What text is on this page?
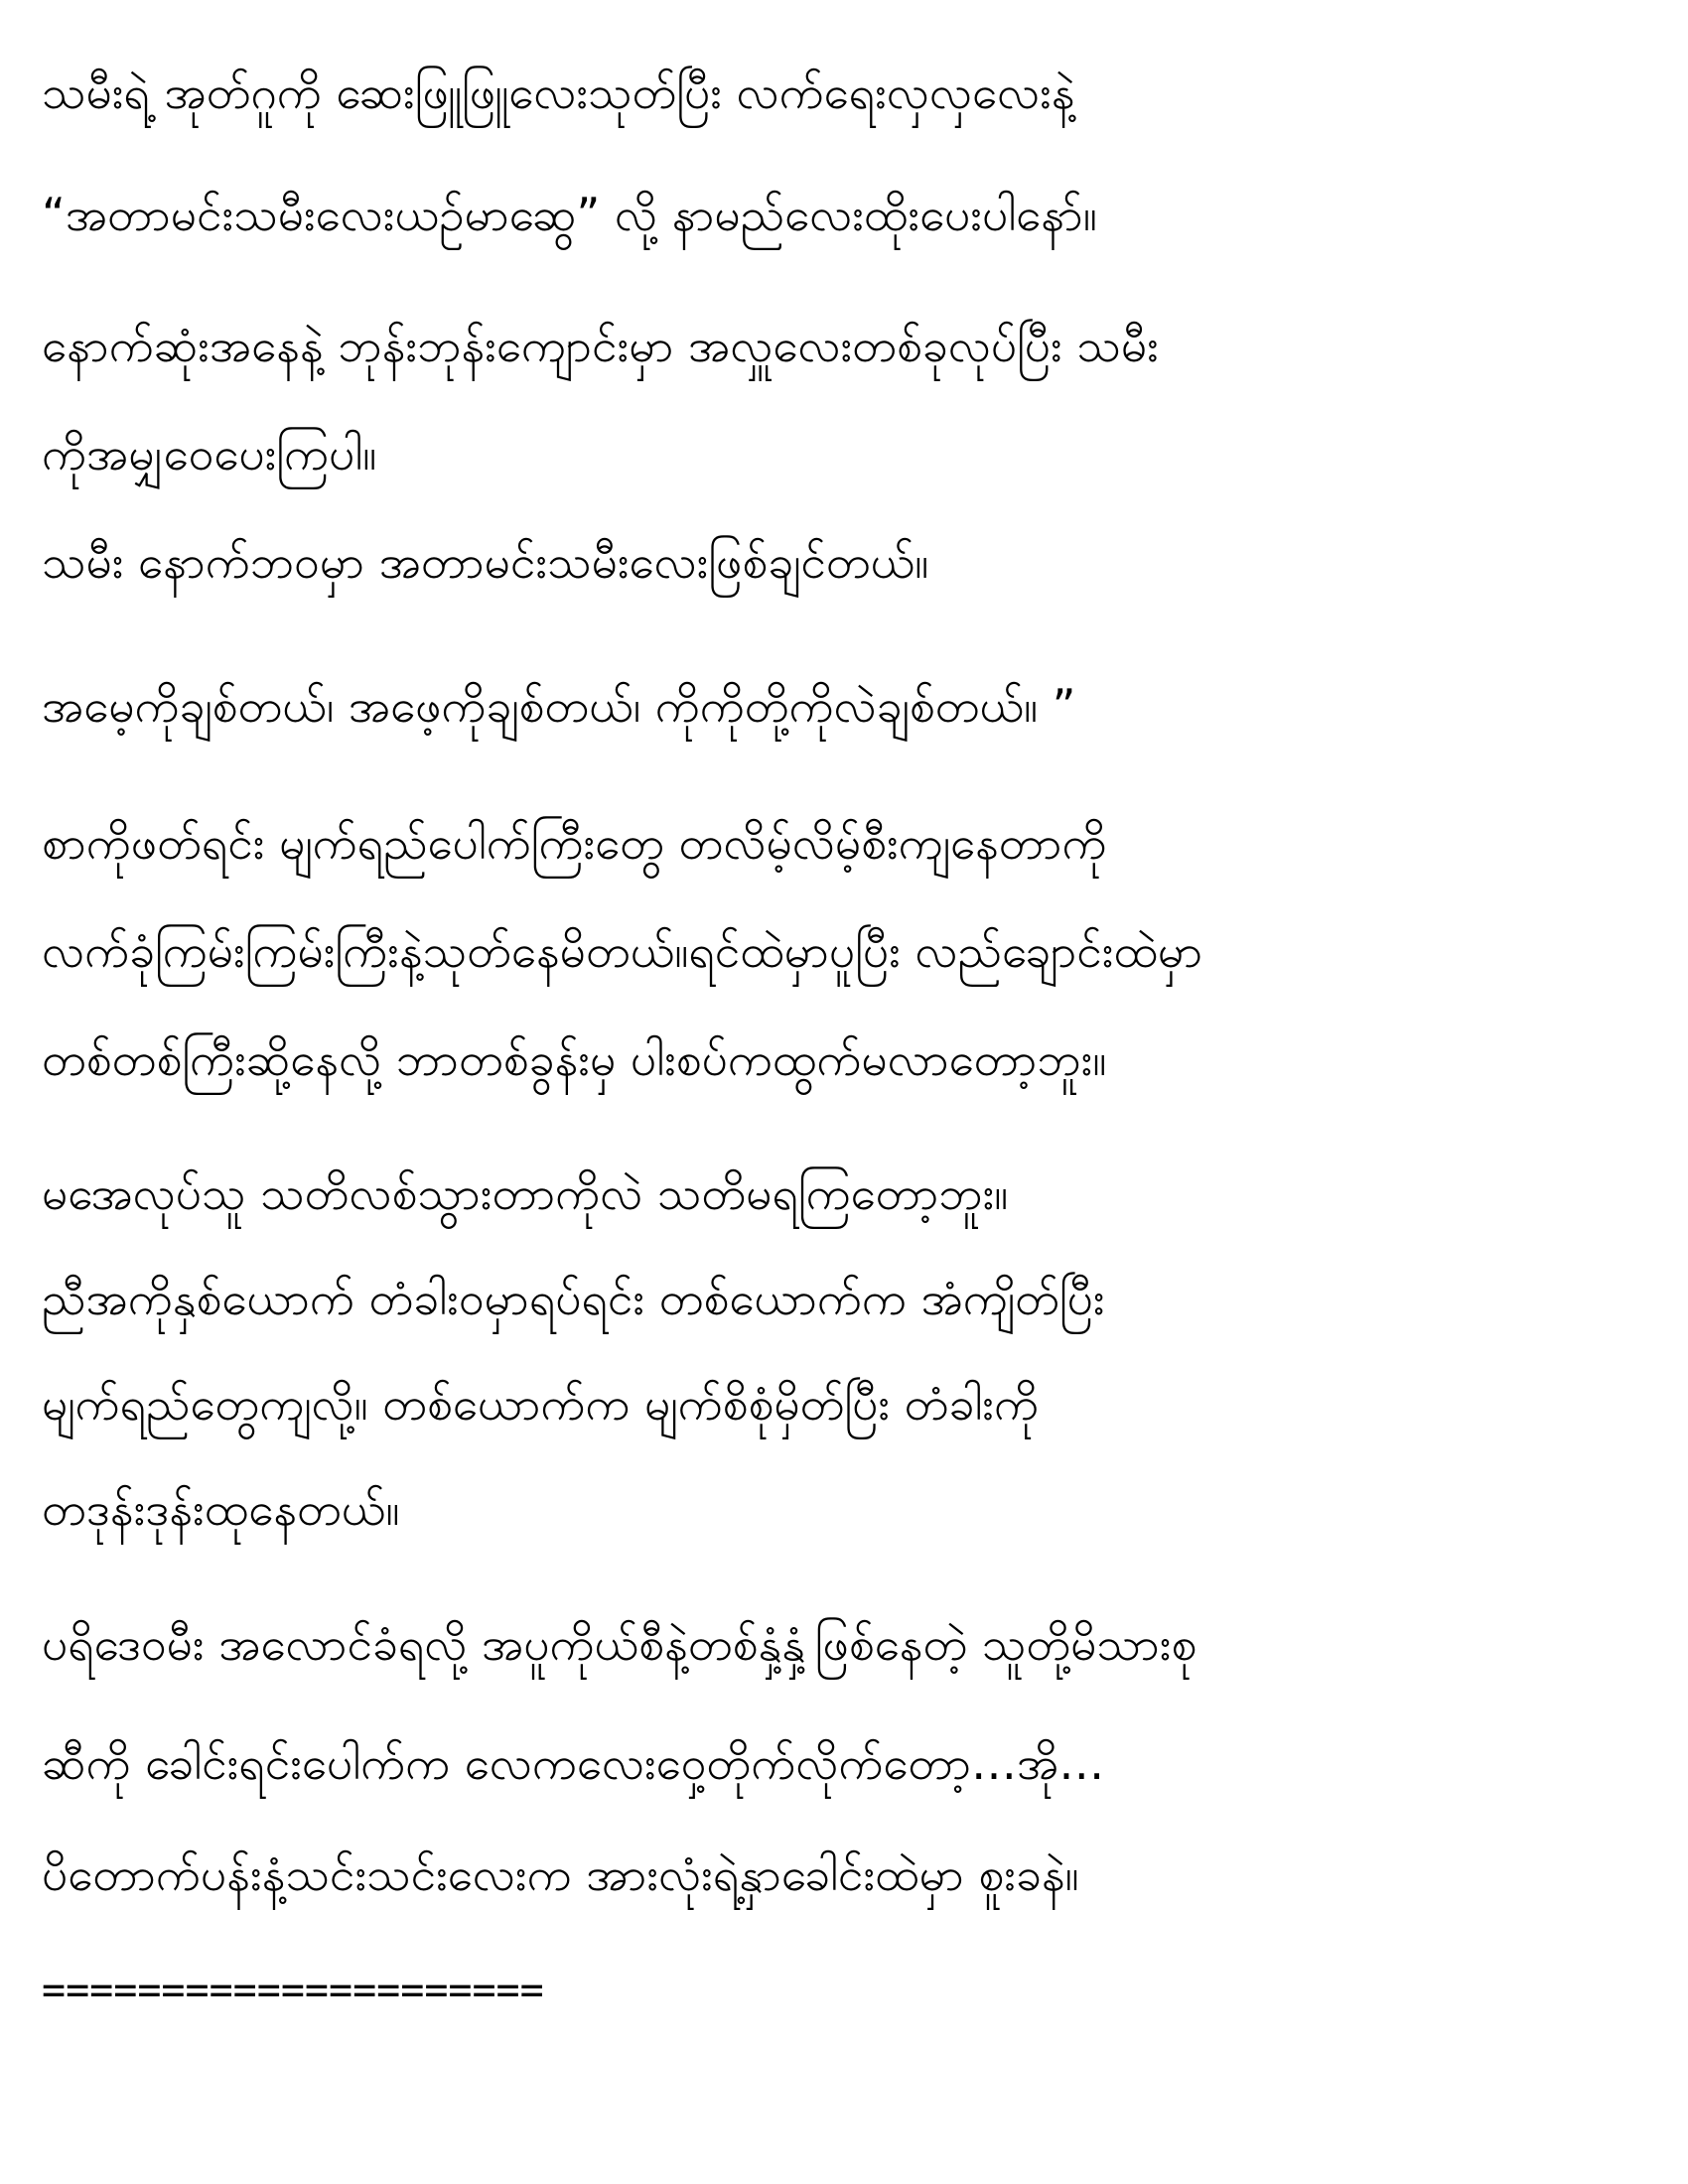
သမီးရဲ့ အုတ်ဂူကို ဆေးဖြူဖြူလေးသုတ်ပြီး လက်ရေးလှလှလေးနဲ့
“အတာမင်းသမီးလေးယဉ်မာဆွေ” လို့ နာမည်လေးထိုးပေးပါနော်။
နောက်ဆုံးအနေနဲ့ ဘုန်းဘုန်းကျောင်းမှာ အလှူလေးတစ်ခုလုပ်ပြီး သမီး
ကိုအမျှဝေပေးကြပါ။
သမီး နောက်ဘဝမှာ အတာမင်းသမီးလေးဖြစ်ချင်တယ်။
အမေ့ကိုချစ်တယ်၊ အဖေ့ကိုချစ်တယ်၊ ကိုကိုတို့ကိုလဲချစ်တယ်။ ”
စာကိုဖတ်ရင်း မျက်ရည်ပေါက်ကြီးတွေ တလိမ့်လိမ့်စီးကျနေတာကို
လက်ခုံကြမ်းကြမ်းကြီးနဲ့သုတ်နေမိတယ်။ရင်ထဲမှာပူပြီး လည်ချောင်းထဲမှာ
တစ်တစ်ကြီးဆို့နေလို့ ဘာတစ်ခွန်းမှ ပါးစပ်ကထွက်မလာတော့ဘူး။
မအေလုပ်သူ သတိလစ်သွားတာကိုလဲ သတိမရကြတော့ဘူး။
ညီအကိုနှစ်ယောက် တံခါးဝမှာရပ်ရင်း တစ်ယောက်က အံကျိတ်ပြီး
မျက်ရည်တွေကျလို့။ တစ်ယောက်က မျက်စိစုံမှိတ်ပြီး တံခါးကို
တဒုန်းဒုန်းထုနေတယ်။
ပရိဒေဝမီး အလောင်ခံရလို့ အပူကိုယ်စီနဲ့တစ်နှံ့နှံ့ဖြစ်နေတဲ့ သူတို့မိသားစု
ဆီကို ခေါင်းရင်းပေါက်က လေကလေးဝှေ့တိုက်လိုက်တော့…အို…
ပိတောက်ပန်းနံ့သင်းသင်းလေးက အားလုံးရဲ့နှာခေါင်းထဲမှာ စူးခနဲ။
=====================
